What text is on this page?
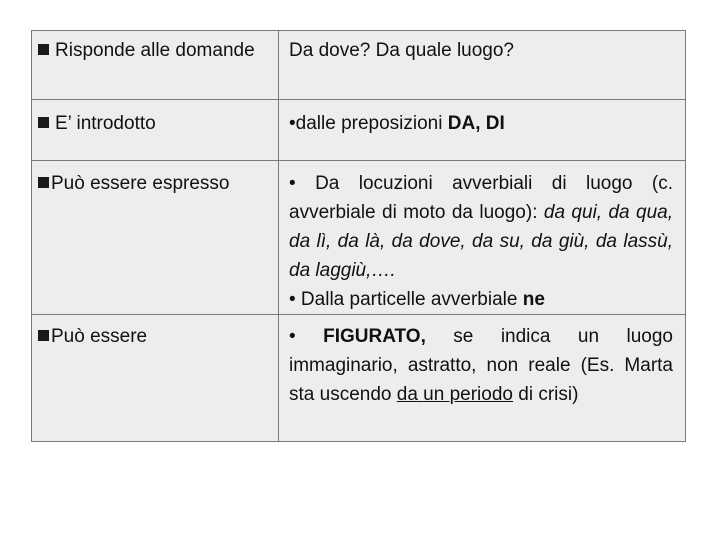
Risponde alle domande	Da dove? Da quale luogo?
E’ introdotto	•dalle preposizioni DA, DI
Può essere espresso	• Da locuzioni avverbiali di luogo (c. avverbiale di moto da luogo): da qui, da qua, da lì, da là, da dove, da su, da giù, da lassù, da laggiù,….
• Dalla particelle avverbiale ne

Può essere	• FIGURATO, se indica un luogo immaginario, astratto, non reale (Es. Marta sta uscendo da un periodo di crisi)
